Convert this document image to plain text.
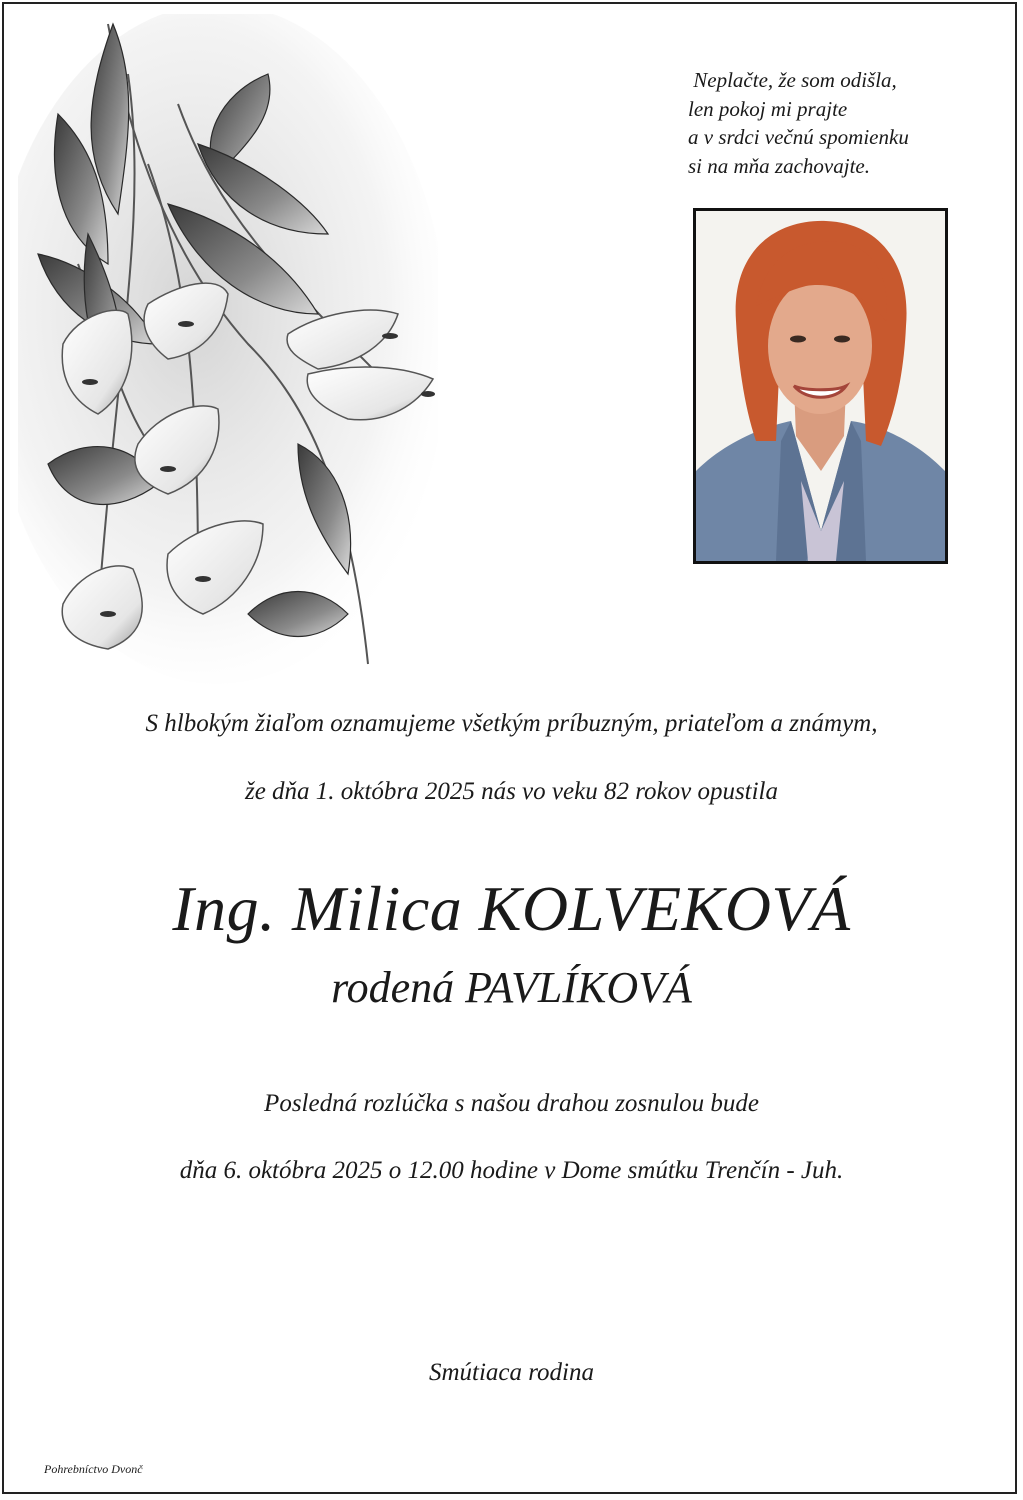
Neplačte, že som odišla,
len pokoj mi prajte
a v srdci večnú spomienku
si na mňa zachovajte.
S hlbokým žiaľom oznamujeme všetkým príbuzným, priateľom a známym,
že dňa 1. októbra 2025 nás vo veku 82 rokov opustila
Ing. Milica KOLVEKOVÁ
rodená PAVLÍKOVÁ
Posledná rozlúčka s našou drahou zosnulou bude
dňa 6. októbra 2025 o 12.00 hodine v Dome smútku Trenčín - Juh.
Smútiaca rodina
Pohrebníctvo Dvonč
